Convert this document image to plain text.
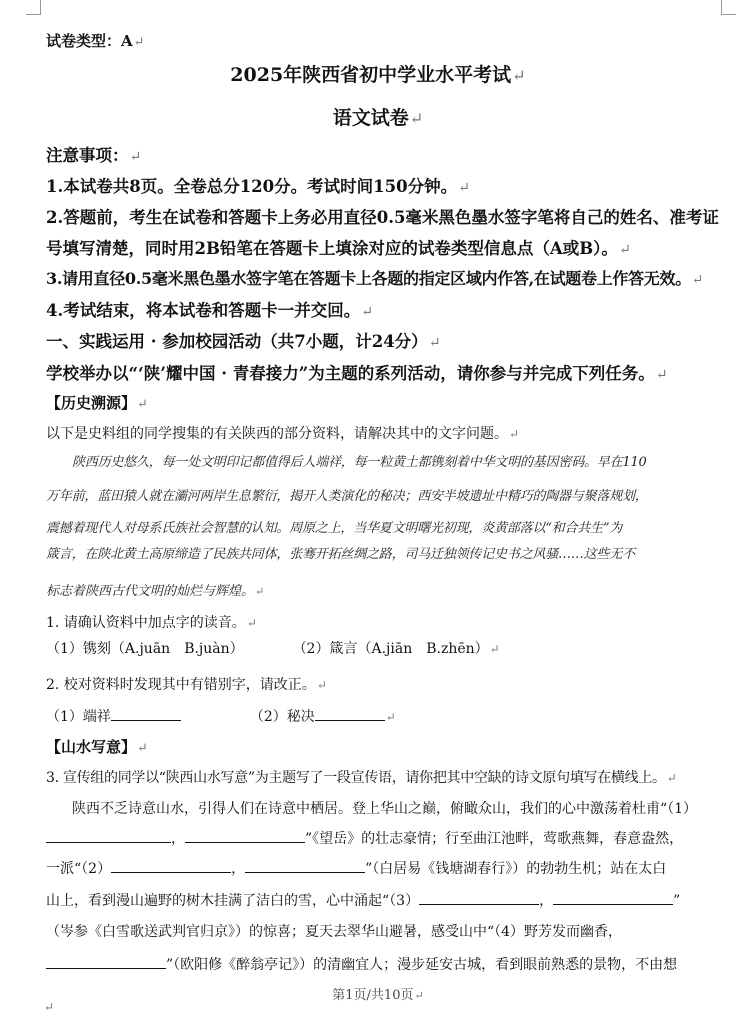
试卷类型：A↵
2025年陕西省初中学业水平考试↵
语文试卷↵
注意事项：↵
1.本试卷共8页。全卷总分120分。考试时间150分钟。↵
2.答题前，考生在试卷和答题卡上务必用直径0.5毫米黑色墨水签字笔将自己的姓名、准考证
号填写清楚，同时用2B铅笔在答题卡上填涂对应的试卷类型信息点（A或B）。↵
3.请用直径0.5毫米黑色墨水签字笔在答题卡上各题的指定区域内作答,在试题卷上作答无效。↵
4.考试结束，将本试卷和答题卡一并交回。↵
一、实践运用 · 参加校园活动（共7小题，计24分）↵
学校举办以“‘陕’耀中国 · 青春接力”为主题的系列活动，请你参与并完成下列任务。↵
【历史溯源】↵
以下是史料组的同学搜集的有关陕西的部分资料，请解决其中的文字问题。↵
陕西历史悠久，每一处文明印记都值得后人端祥，每一粒黄土都镌刻着中华文明的基因密码。早在110
万年前，蓝田猿人就在灞河两岸生息繁衍，揭开人类演化的秘决；西安半坡遗址中精巧的陶器与聚落规划，
震撼着现代人对母系氏族社会智慧的认知。周原之上，当华夏文明曙光初现，炎黄部落以“和合共生”为
箴言，在陕北黄土高原缔造了民族共同体，张骞开拓丝绸之路，司马迁独领传记史书之风骚……这些无不
标志着陕西古代文明的灿烂与辉煌。↵
1. 请确认资料中加点字的读音。↵
（1）镌刻（A.juān　B.juàn）	（2）箴言（A.jiān　B.zhēn）↵
2. 校对资料时发现其中有错别字，请改正。↵
（1）端祥	（2）秘决	↵
【山水写意】↵
3. 宣传组的同学以“陕西山水写意”为主题写了一段宣传语，请你把其中空缺的诗文原句填写在横线上。↵
陕西不乏诗意山水，引得人们在诗意中栖居。登上华山之巅，俯瞰众山，我们的心中激荡着杜甫“（1）
，	”《望岳》的壮志豪情；行至曲江池畔，莺歌燕舞，春意盎然，
一派“（2）	，	”（白居易《钱塘湖春行》）的勃勃生机；站在太白
山上，看到漫山遍野的树木挂满了洁白的雪，心中涌起“（3）	，	”
（岑参《白雪歌送武判官归京》）的惊喜；夏天去翠华山避暑，感受山中“（4）野芳发而幽香，
”（欧阳修《醉翁亭记》）的清幽宜人；漫步延安古城，看到眼前熟悉的景物，不由想
第1页/共10页↵
↵
